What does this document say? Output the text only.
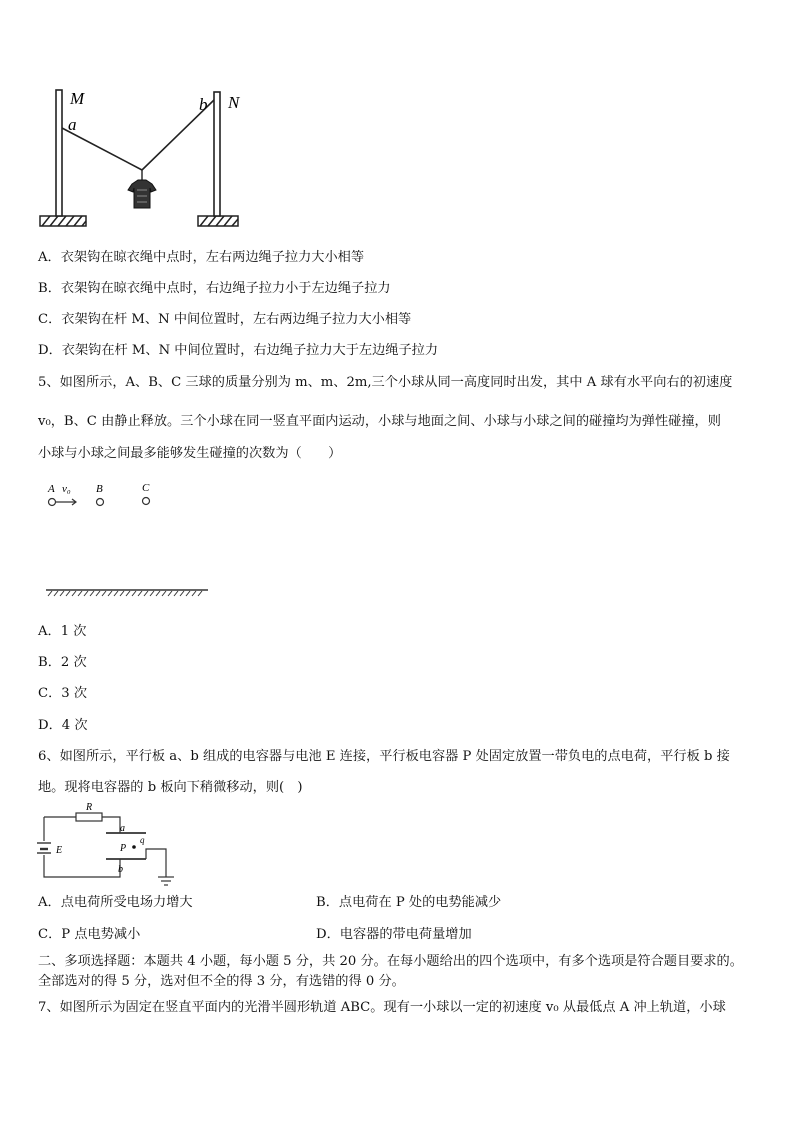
M
a
b N
A．衣架钩在晾衣绳中点时，左右两边绳子拉力大小相等
B．衣架钩在晾衣绳中点时，右边绳子拉力小于左边绳子拉力
C．衣架钩在杆 M、N 中间位置时，左右两边绳子拉力大小相等
D．衣架钩在杆 M、N 中间位置时，右边绳子拉力大于左边绳子拉力
5、如图所示，A、B、C 三球的质量分别为 m、m、2m,三个小球从同一高度同时出发，其中 A 球有水平向右的初速度
v₀，B、C 由静止释放。三个小球在同一竖直平面内运动，小球与地面之间、小球与小球之间的碰撞均为弹性碰撞，则
小球与小球之间最多能够发生碰撞的次数为（　　）
A v₀ B	C
A．1 次
B．2 次
C．3 次
D．4 次
6、如图所示，平行板 a、b 组成的电容器与电池 E 连接，平行板电容器 P 处固定放置一带负电的点电荷，平行板 b 接
地。现将电容器的 b 板向下稍微移动，则(　)
R
E
a
b
P
q
A．点电荷所受电场力增大	B．点电荷在 P 处的电势能减少
C．P 点电势减小	D．电容器的带电荷量增加
二、多项选择题：本题共 4 小题，每小题 5 分，共 20 分。在每小题给出的四个选项中，有多个选项是符合题目要求的。
全部选对的得 5 分，选对但不全的得 3 分，有选错的得 0 分。
7、如图所示为固定在竖直平面内的光滑半圆形轨道 ABC。现有一小球以一定的初速度 v₀ 从最低点 A 冲上轨道，小球
